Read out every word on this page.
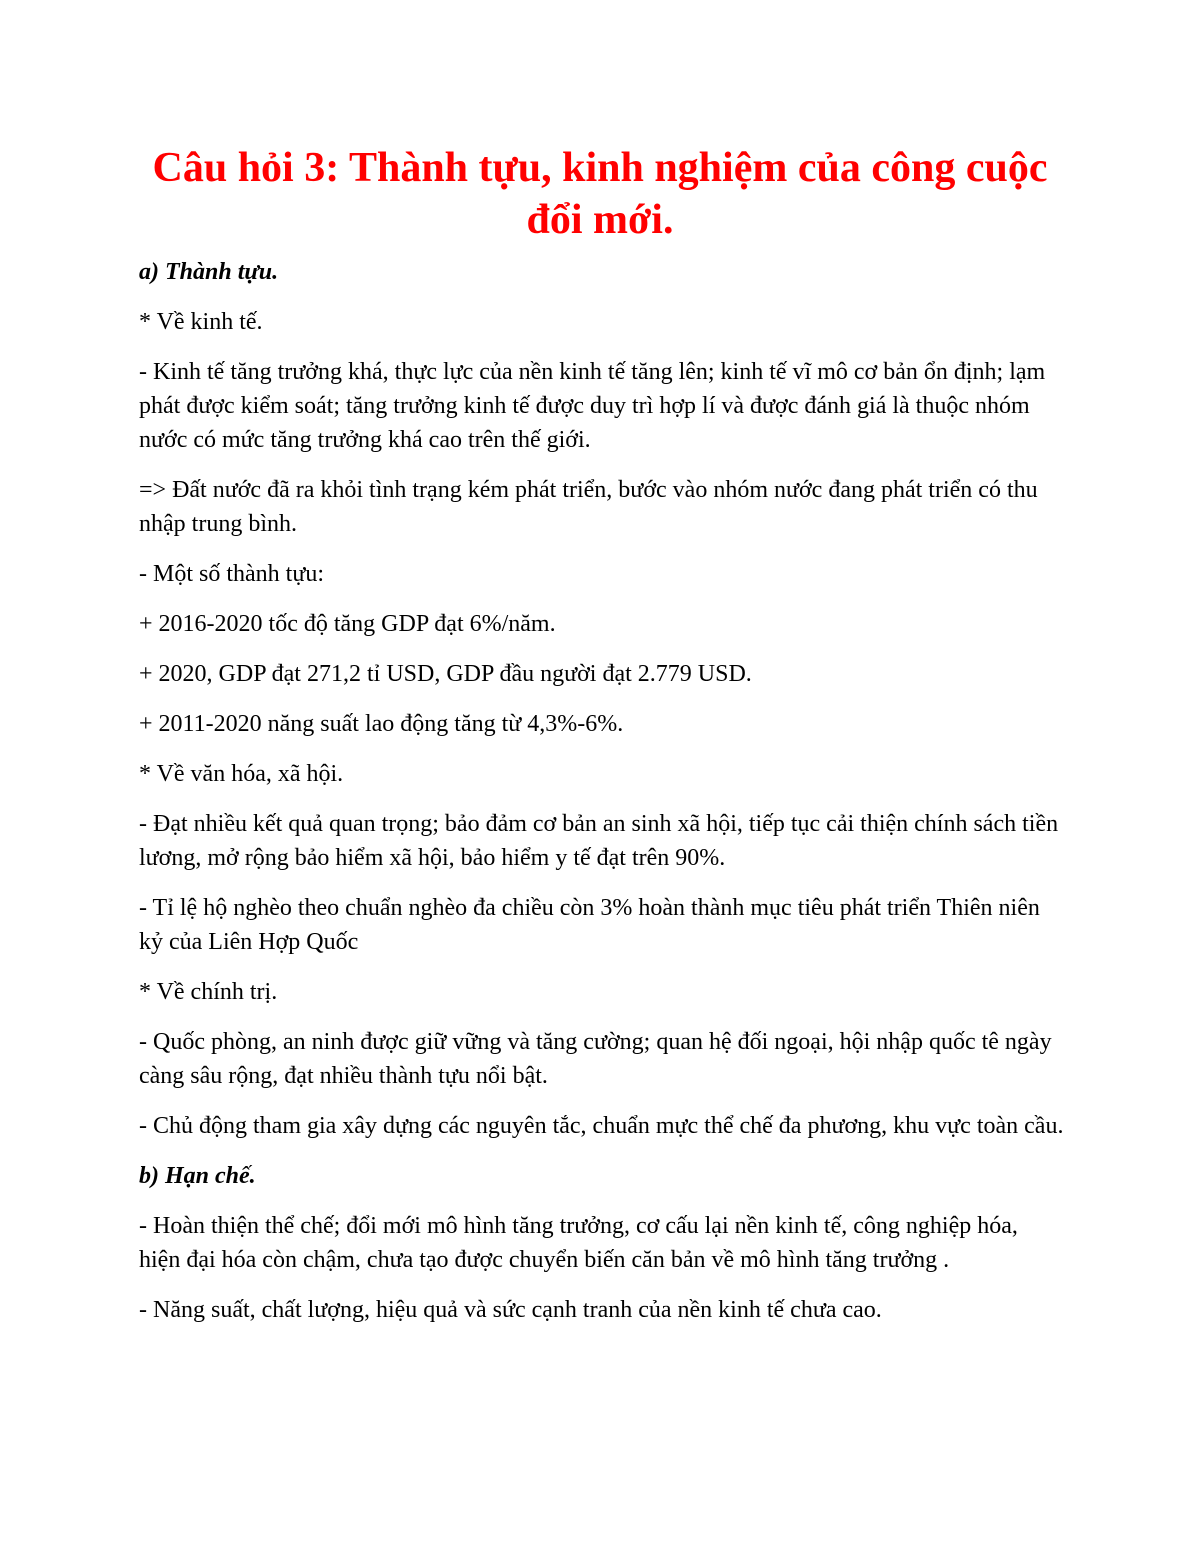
Câu hỏi 3: Thành tựu, kinh nghiệm của công cuộc đổi mới.

a) Thành tựu.

* Về kinh tế.

- Kinh tế tăng trưởng khá, thực lực của nền kinh tế tăng lên; kinh tế vĩ mô cơ bản ổn định; lạm phát được kiểm soát; tăng trưởng kinh tế được duy trì hợp lí và được đánh giá là thuộc nhóm nước có mức tăng trưởng khá cao trên thế giới.

=> Đất nước đã ra khỏi tình trạng kém phát triển, bước vào nhóm nước đang phát triển có thu nhập trung bình.

- Một số thành tựu:

+ 2016-2020 tốc độ tăng GDP đạt 6%/năm.

+ 2020, GDP đạt 271,2 tỉ USD, GDP đầu người đạt 2.779 USD.

+ 2011-2020 năng suất lao động tăng từ 4,3%-6%.

* Về văn hóa, xã hội.

- Đạt nhiều kết quả quan trọng; bảo đảm cơ bản an sinh xã hội, tiếp tục cải thiện chính sách tiền lương, mở rộng bảo hiểm xã hội, bảo hiểm y tế đạt trên 90%.

- Tỉ lệ hộ nghèo theo chuẩn nghèo đa chiều còn 3% hoàn thành mục tiêu phát triển Thiên niên kỷ của Liên Hợp Quốc

* Về chính trị.

- Quốc phòng, an ninh được giữ vững và tăng cường; quan hệ đối ngoại, hội nhập quốc tê ngày càng sâu rộng, đạt nhiều thành tựu nổi bật.

- Chủ động tham gia xây dựng các nguyên tắc, chuẩn mực thể chế đa phương, khu vực toàn cầu.

b) Hạn chế.

- Hoàn thiện thể chế; đổi mới mô hình tăng trưởng, cơ cấu lại nền kinh tế, công nghiệp hóa, hiện đại hóa còn chậm, chưa tạo được chuyển biến căn bản về mô hình tăng trưởng .

- Năng suất, chất lượng, hiệu quả và sức cạnh tranh của nền kinh tế chưa cao.
